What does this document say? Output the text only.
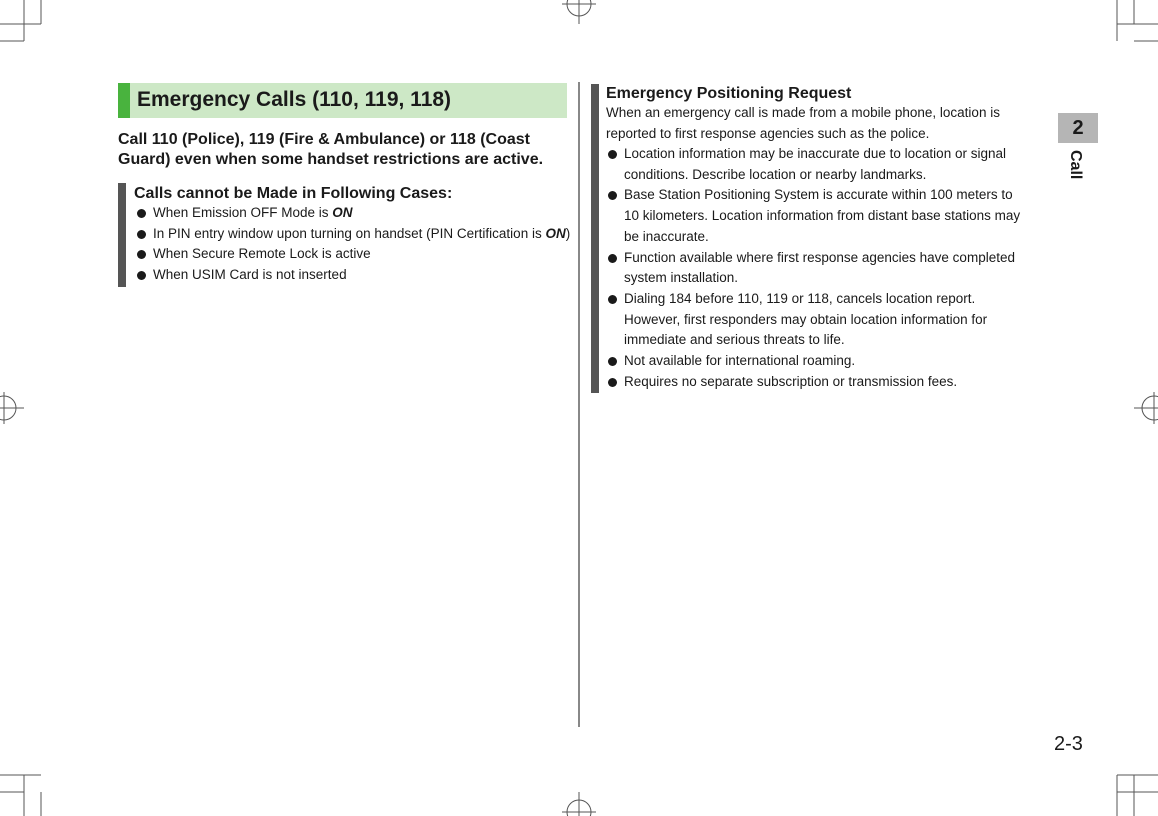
Emergency Calls (110, 119, 118)
Call 110 (Police), 119 (Fire & Ambulance) or 118 (Coast Guard) even when some handset restrictions are active.
Calls cannot be Made in Following Cases:
When Emission OFF Mode is ON
In PIN entry window upon turning on handset (PIN Certification is ON)
When Secure Remote Lock is active
When USIM Card is not inserted
Emergency Positioning Request
When an emergency call is made from a mobile phone, location is reported to first response agencies such as the police.
Location information may be inaccurate due to location or signal conditions. Describe location or nearby landmarks.
Base Station Positioning System is accurate within 100 meters to 10 kilometers. Location information from distant base stations may be inaccurate.
Function available where first response agencies have completed system installation.
Dialing 184 before 110, 119 or 118, cancels location report. However, first responders may obtain location information for immediate and serious threats to life.
Not available for international roaming.
Requires no separate subscription or transmission fees.
2
Call
2-3
